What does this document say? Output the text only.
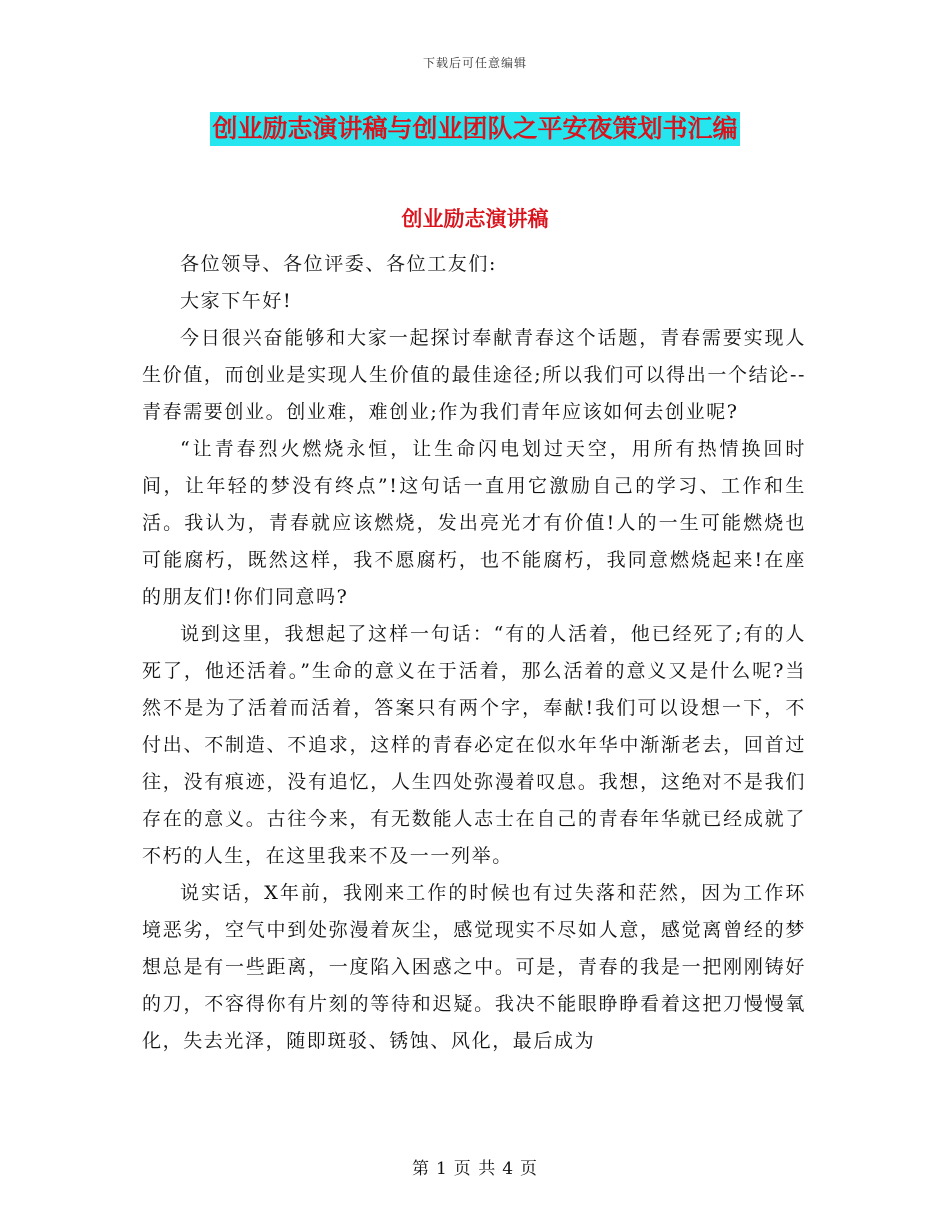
下载后可任意编辑
创业励志演讲稿与创业团队之平安夜策划书汇编
创业励志演讲稿

各位领导、各位评委、各位工友们:

大家下午好!

今日很兴奋能够和大家一起探讨奉献青春这个话题，青春需要实现人生价值，而创业是实现人生价值的最佳途径;所以我们可以得出一个结论--青春需要创业。创业难，难创业;作为我们青年应该如何去创业呢?

“让青春烈火燃烧永恒，让生命闪电划过天空，用所有热情换回时间，让年轻的梦没有终点”!这句话一直用它激励自己的学习、工作和生活。我认为，青春就应该燃烧，发出亮光才有价值!人的一生可能燃烧也可能腐朽，既然这样，我不愿腐朽，也不能腐朽，我同意燃烧起来!在座的朋友们!你们同意吗?

说到这里，我想起了这样一句话：“有的人活着，他已经死了;有的人死了，他还活着。”生命的意义在于活着，那么活着的意义又是什么呢?当然不是为了活着而活着，答案只有两个字，奉献!我们可以设想一下，不付出、不制造、不追求，这样的青春必定在似水年华中渐渐老去，回首过往，没有痕迹，没有追忆，人生四处弥漫着叹息。我想，这绝对不是我们存在的意义。古往今来，有无数能人志士在自己的青春年华就已经成就了不朽的人生，在这里我来不及一一列举。

说实话，X年前，我刚来工作的时候也有过失落和茫然，因为工作环境恶劣，空气中到处弥漫着灰尘，感觉现实不尽如人意，感觉离曾经的梦想总是有一些距离，一度陷入困惑之中。可是，青春的我是一把刚刚铸好的刀，不容得你有片刻的等待和迟疑。我决不能眼睁睁看着这把刀慢慢氧化，失去光泽，随即斑驳、锈蚀、风化，最后成为

第 1 页 共 4 页
